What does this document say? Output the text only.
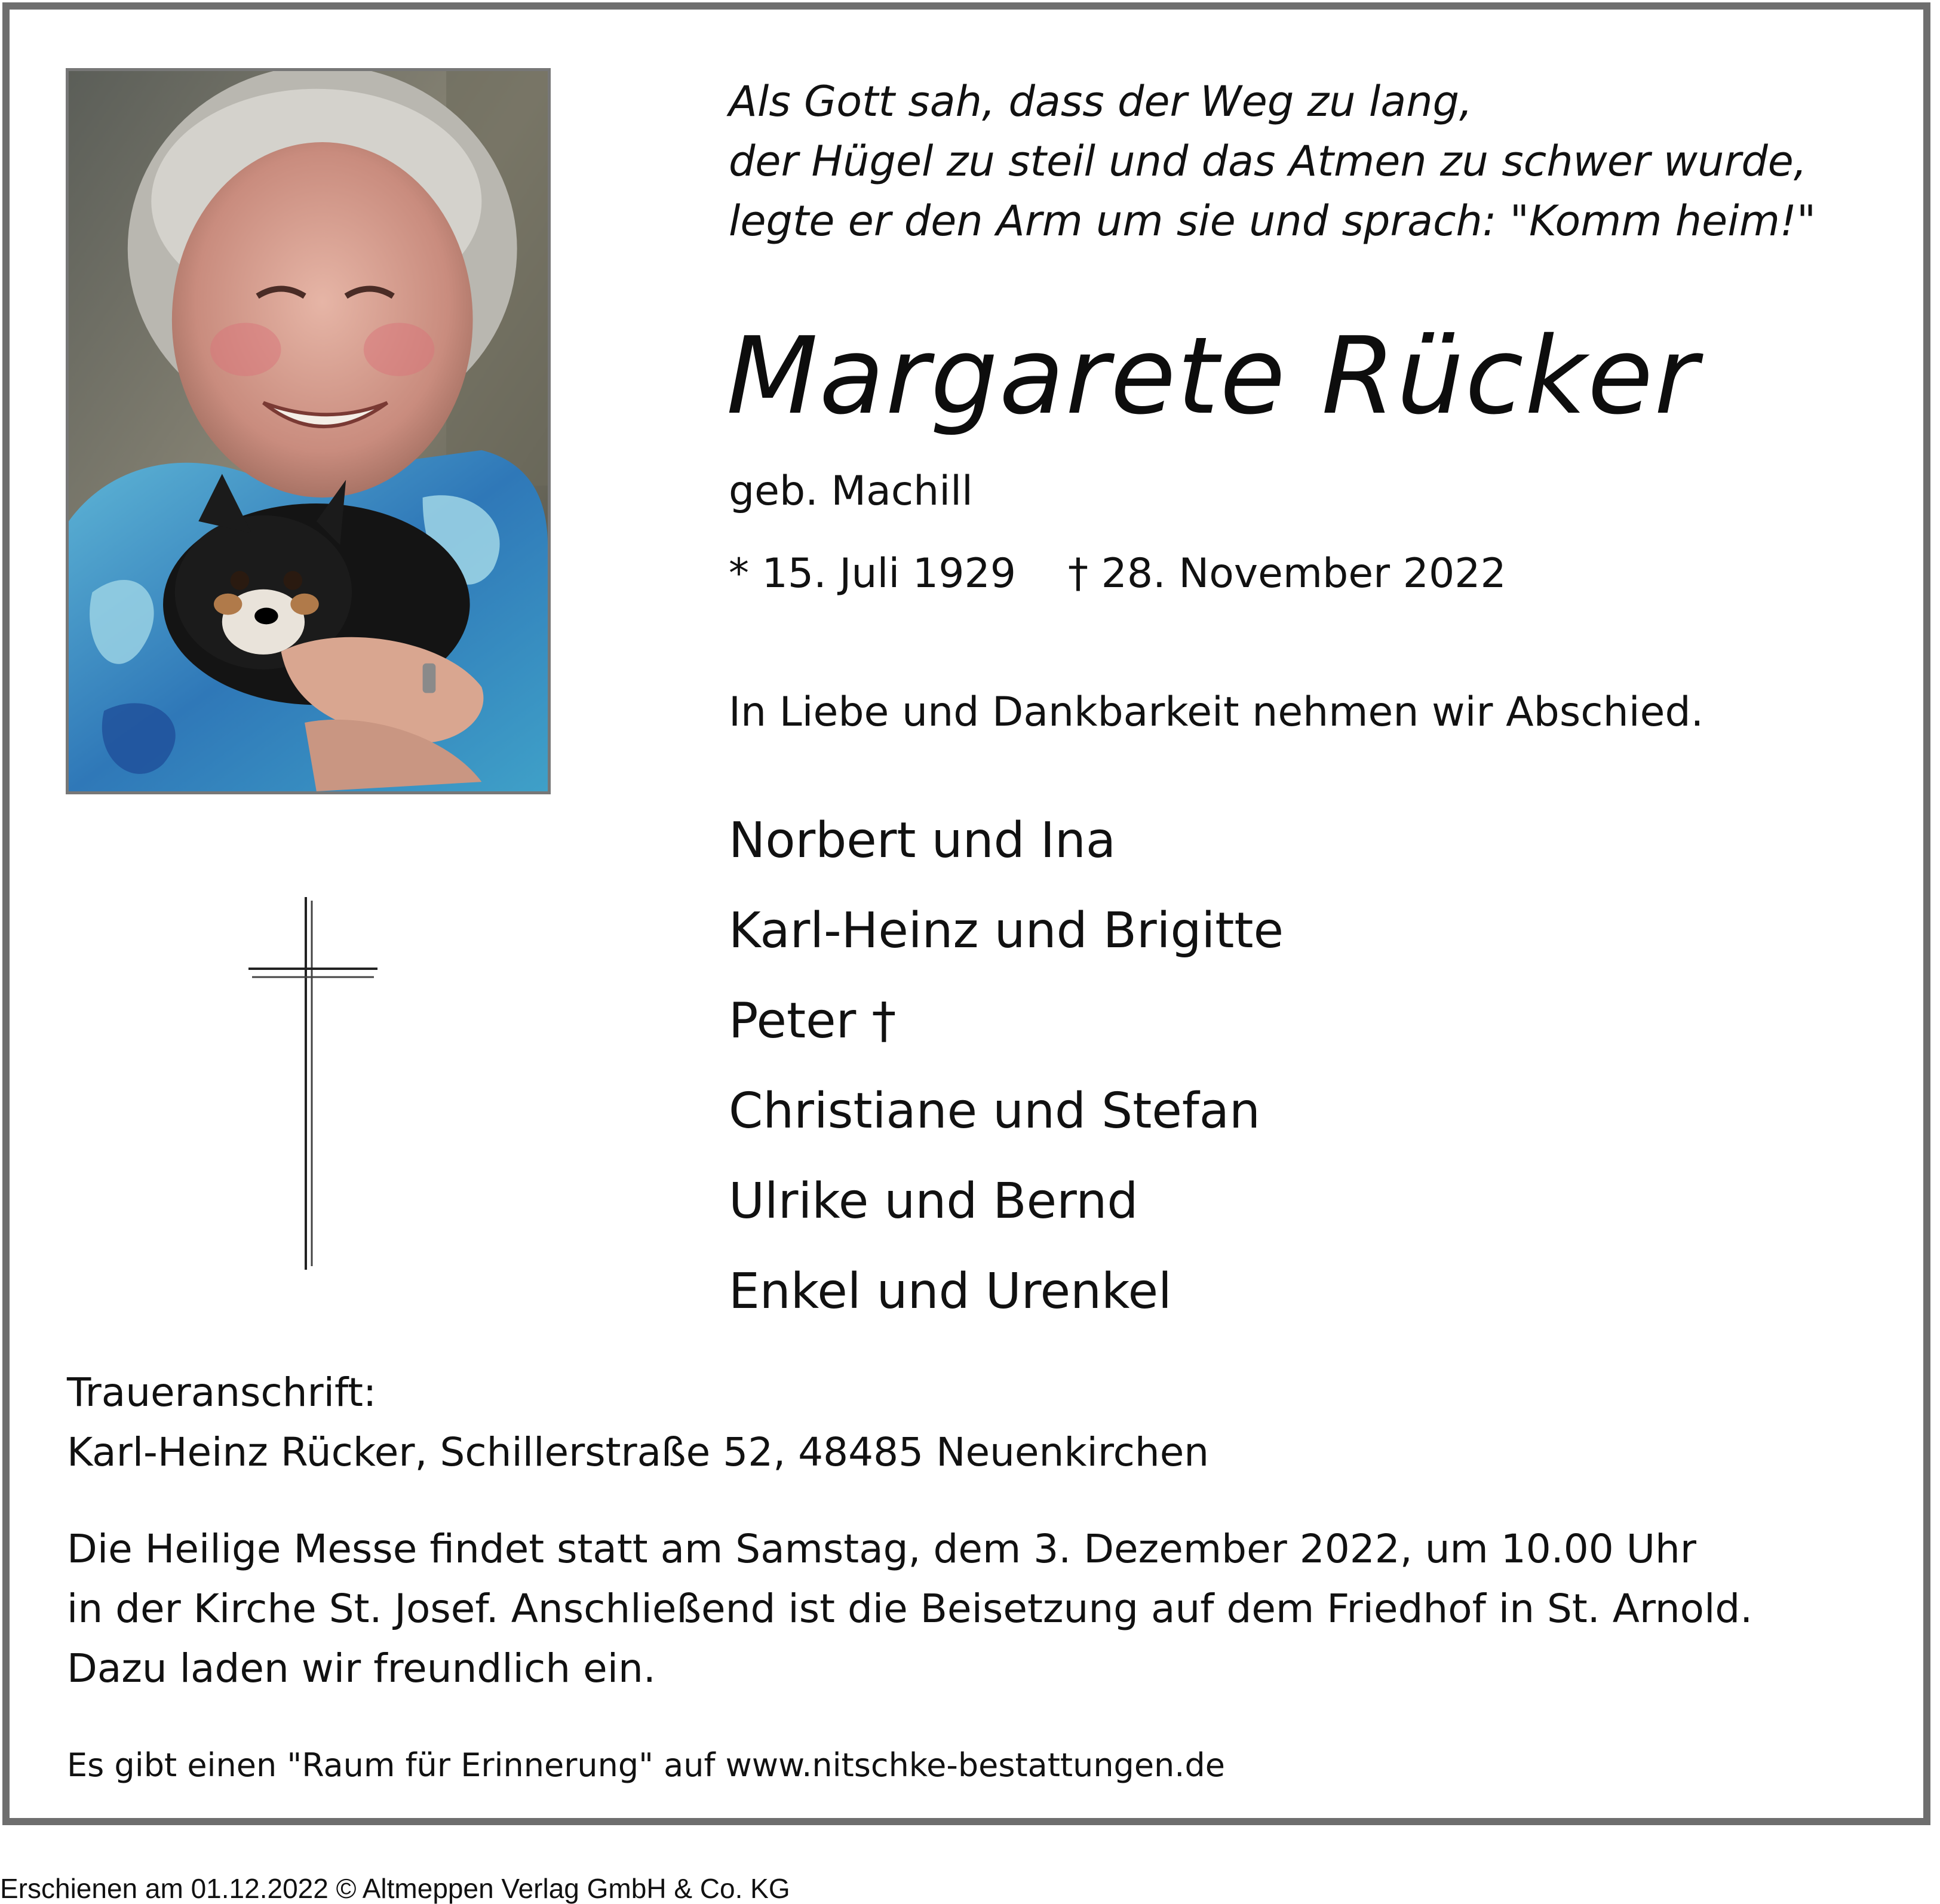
Als Gott sah, dass der Weg zu lang,
der Hügel zu steil und das Atmen zu schwer wurde,
legte er den Arm um sie und sprach: "Komm heim!"
Margarete Rücker
geb. Machill
* 15. Juli 1929 † 28. November 2022
In Liebe und Dankbarkeit nehmen wir Abschied.
Norbert und Ina
Karl-Heinz und Brigitte
Peter †
Christiane und Stefan
Ulrike und Bernd
Enkel und Urenkel
Traueranschrift:
Karl-Heinz Rücker, Schillerstraße 52, 48485 Neuenkirchen
Die Heilige Messe findet statt am Samstag, dem 3. Dezember 2022, um 10.00 Uhr
in der Kirche St. Josef. Anschließend ist die Beisetzung auf dem Friedhof in St. Arnold.
Dazu laden wir freundlich ein.
Es gibt einen "Raum für Erinnerung" auf www.nitschke-bestattungen.de
Erschienen am 01.12.2022 © Altmeppen Verlag GmbH & Co. KG
